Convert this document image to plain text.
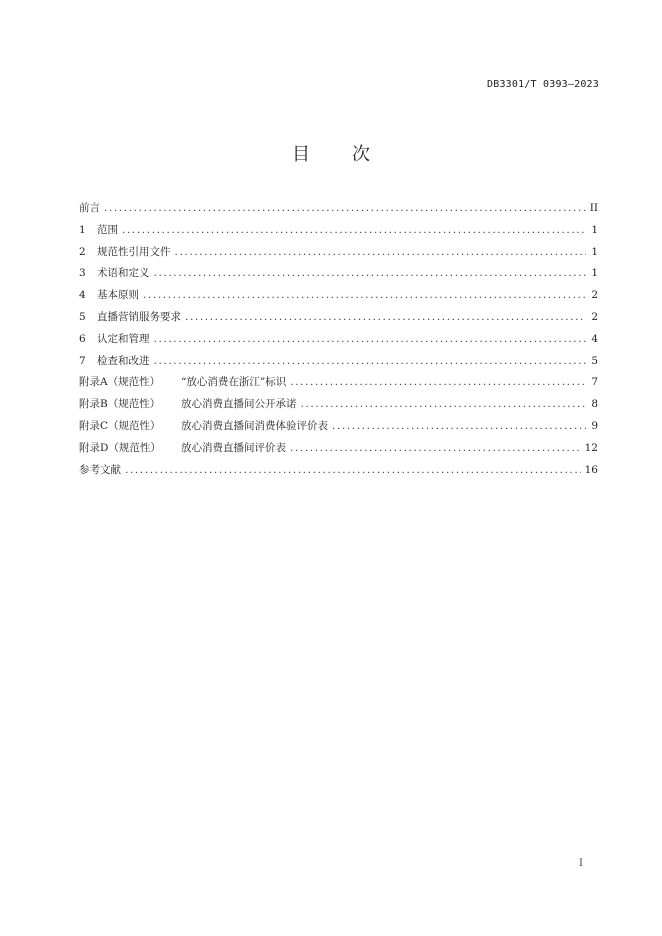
DB3301/T 0393—2023
目 次
前言 .....	II
1	范围 .....	1
2	规范性引用文件 .....	1
3	术语和定义 .....	1
4	基本原则 .....	2
5	直播营销服务要求 .....	2
6	认定和管理 .....	4
7	检查和改进 .....	5
附录A（规范性）	“放心消费在浙江”标识 .....	7
附录B（规范性）	放心消费直播间公开承诺 .....	8
附录C（规范性）	放心消费直播间消费体验评价表 .....	9
附录D（规范性）	放心消费直播间评价表 .....	12
参考文献 .....	16
I
